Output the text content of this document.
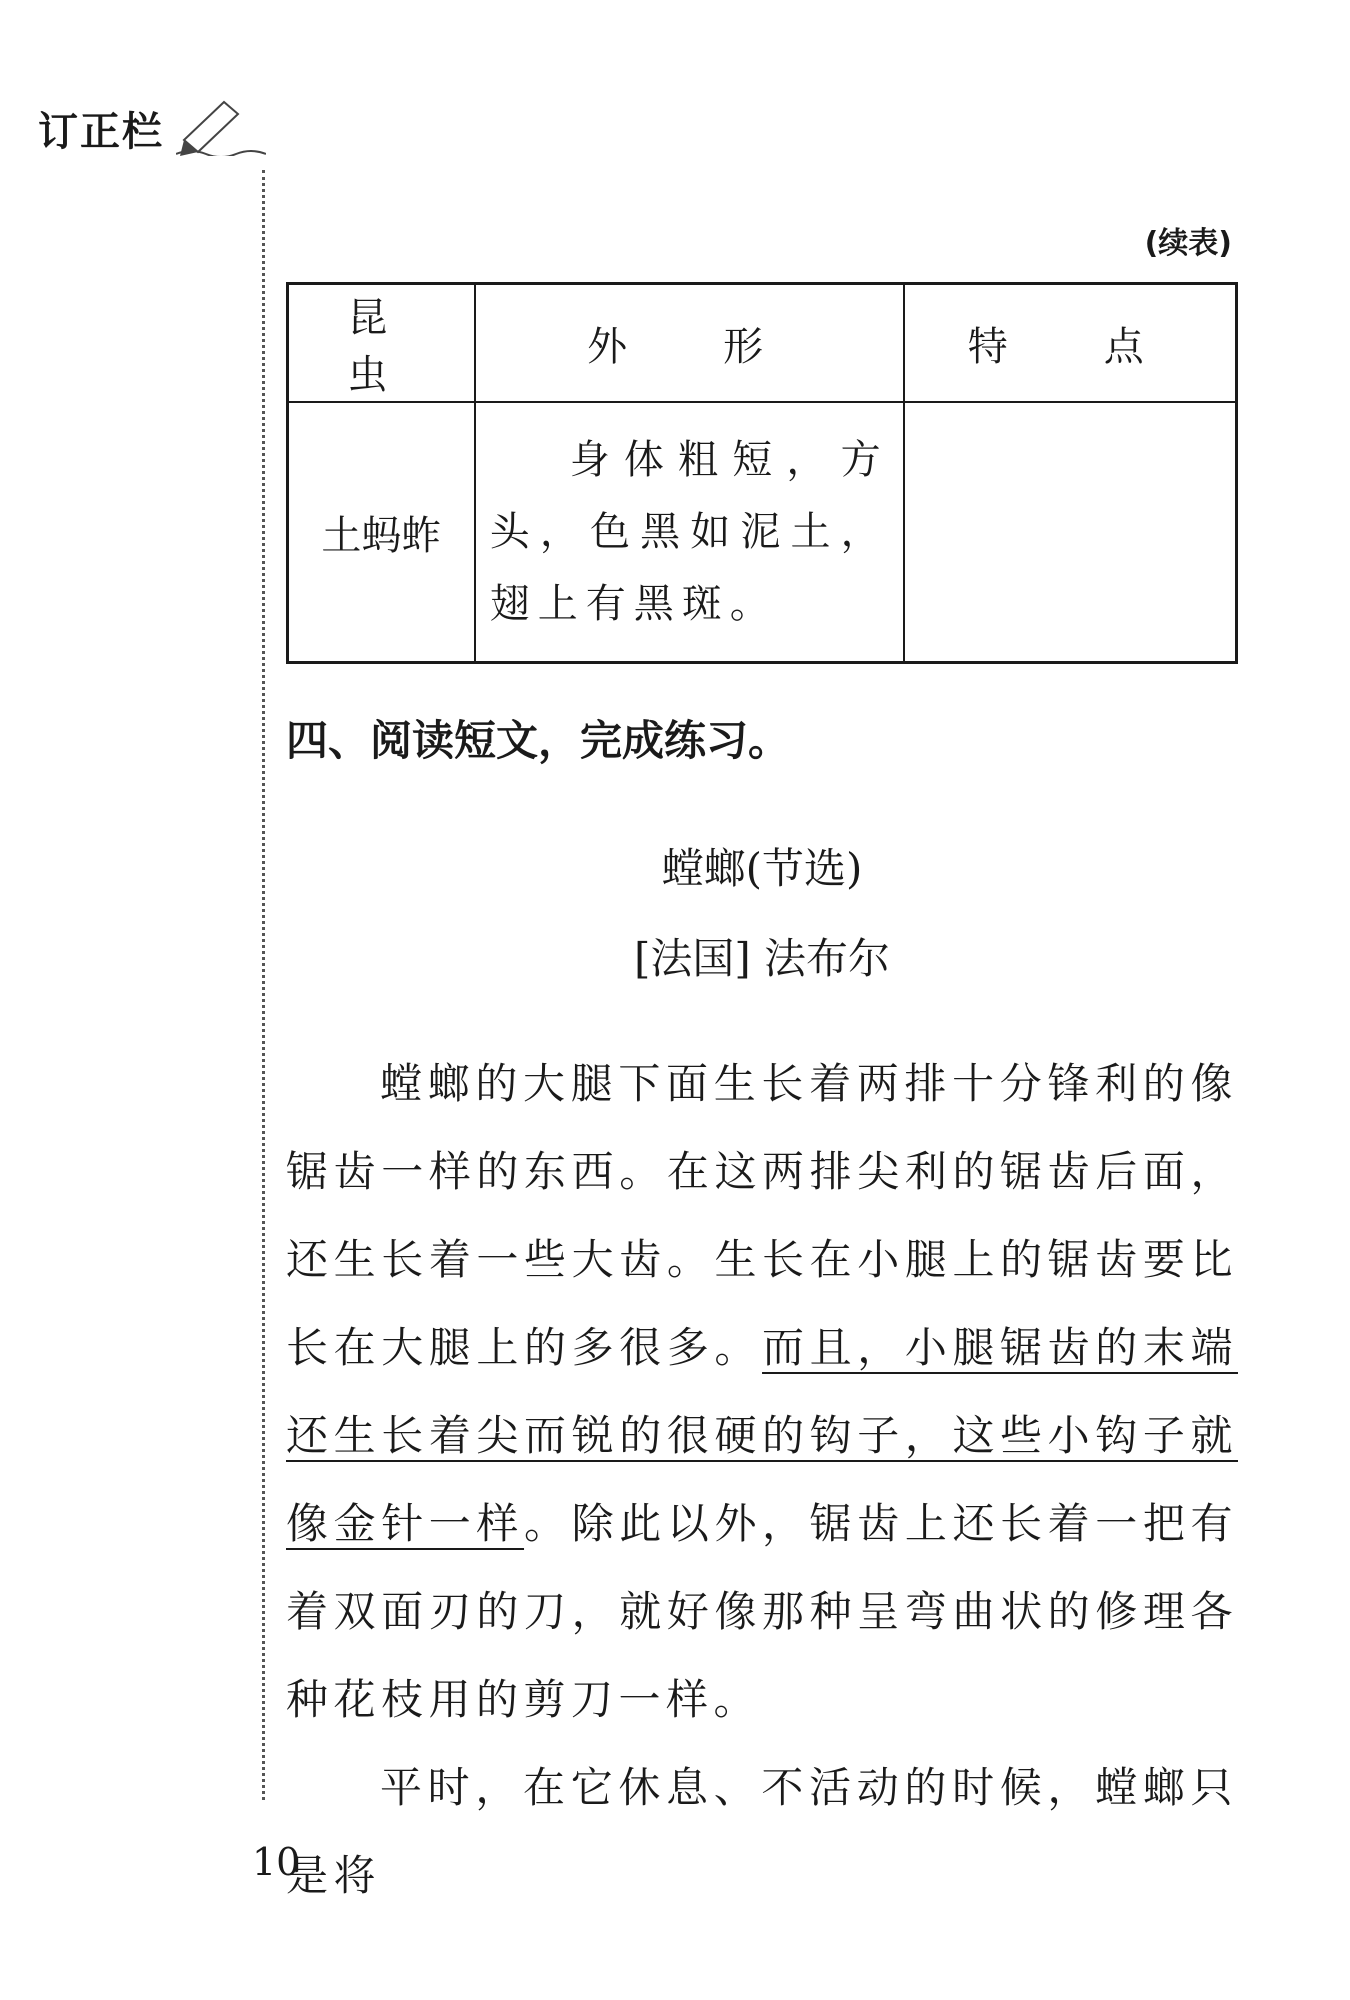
订正栏
(续表)
昆　虫	外　形	特　点
土蚂蚱	身体粗短，方头，色黑如泥土，翅上有黑斑。	
四、阅读短文，完成练习。
螳螂(节选)
[法国] 法布尔

螳螂的大腿下面生长着两排十分锋利的像锯齿一样的东西。在这两排尖利的锯齿后面，还生长着一些大齿。生长在小腿上的锯齿要比长在大腿上的多很多。而且，小腿锯齿的末端还生长着尖而锐的很硬的钩子，这些小钩子就像金针一样。除此以外，锯齿上还长着一把有着双面刃的刀，就好像那种呈弯曲状的修理各种花枝用的剪刀一样。

平时，在它休息、不活动的时候，螳螂只是将

10
